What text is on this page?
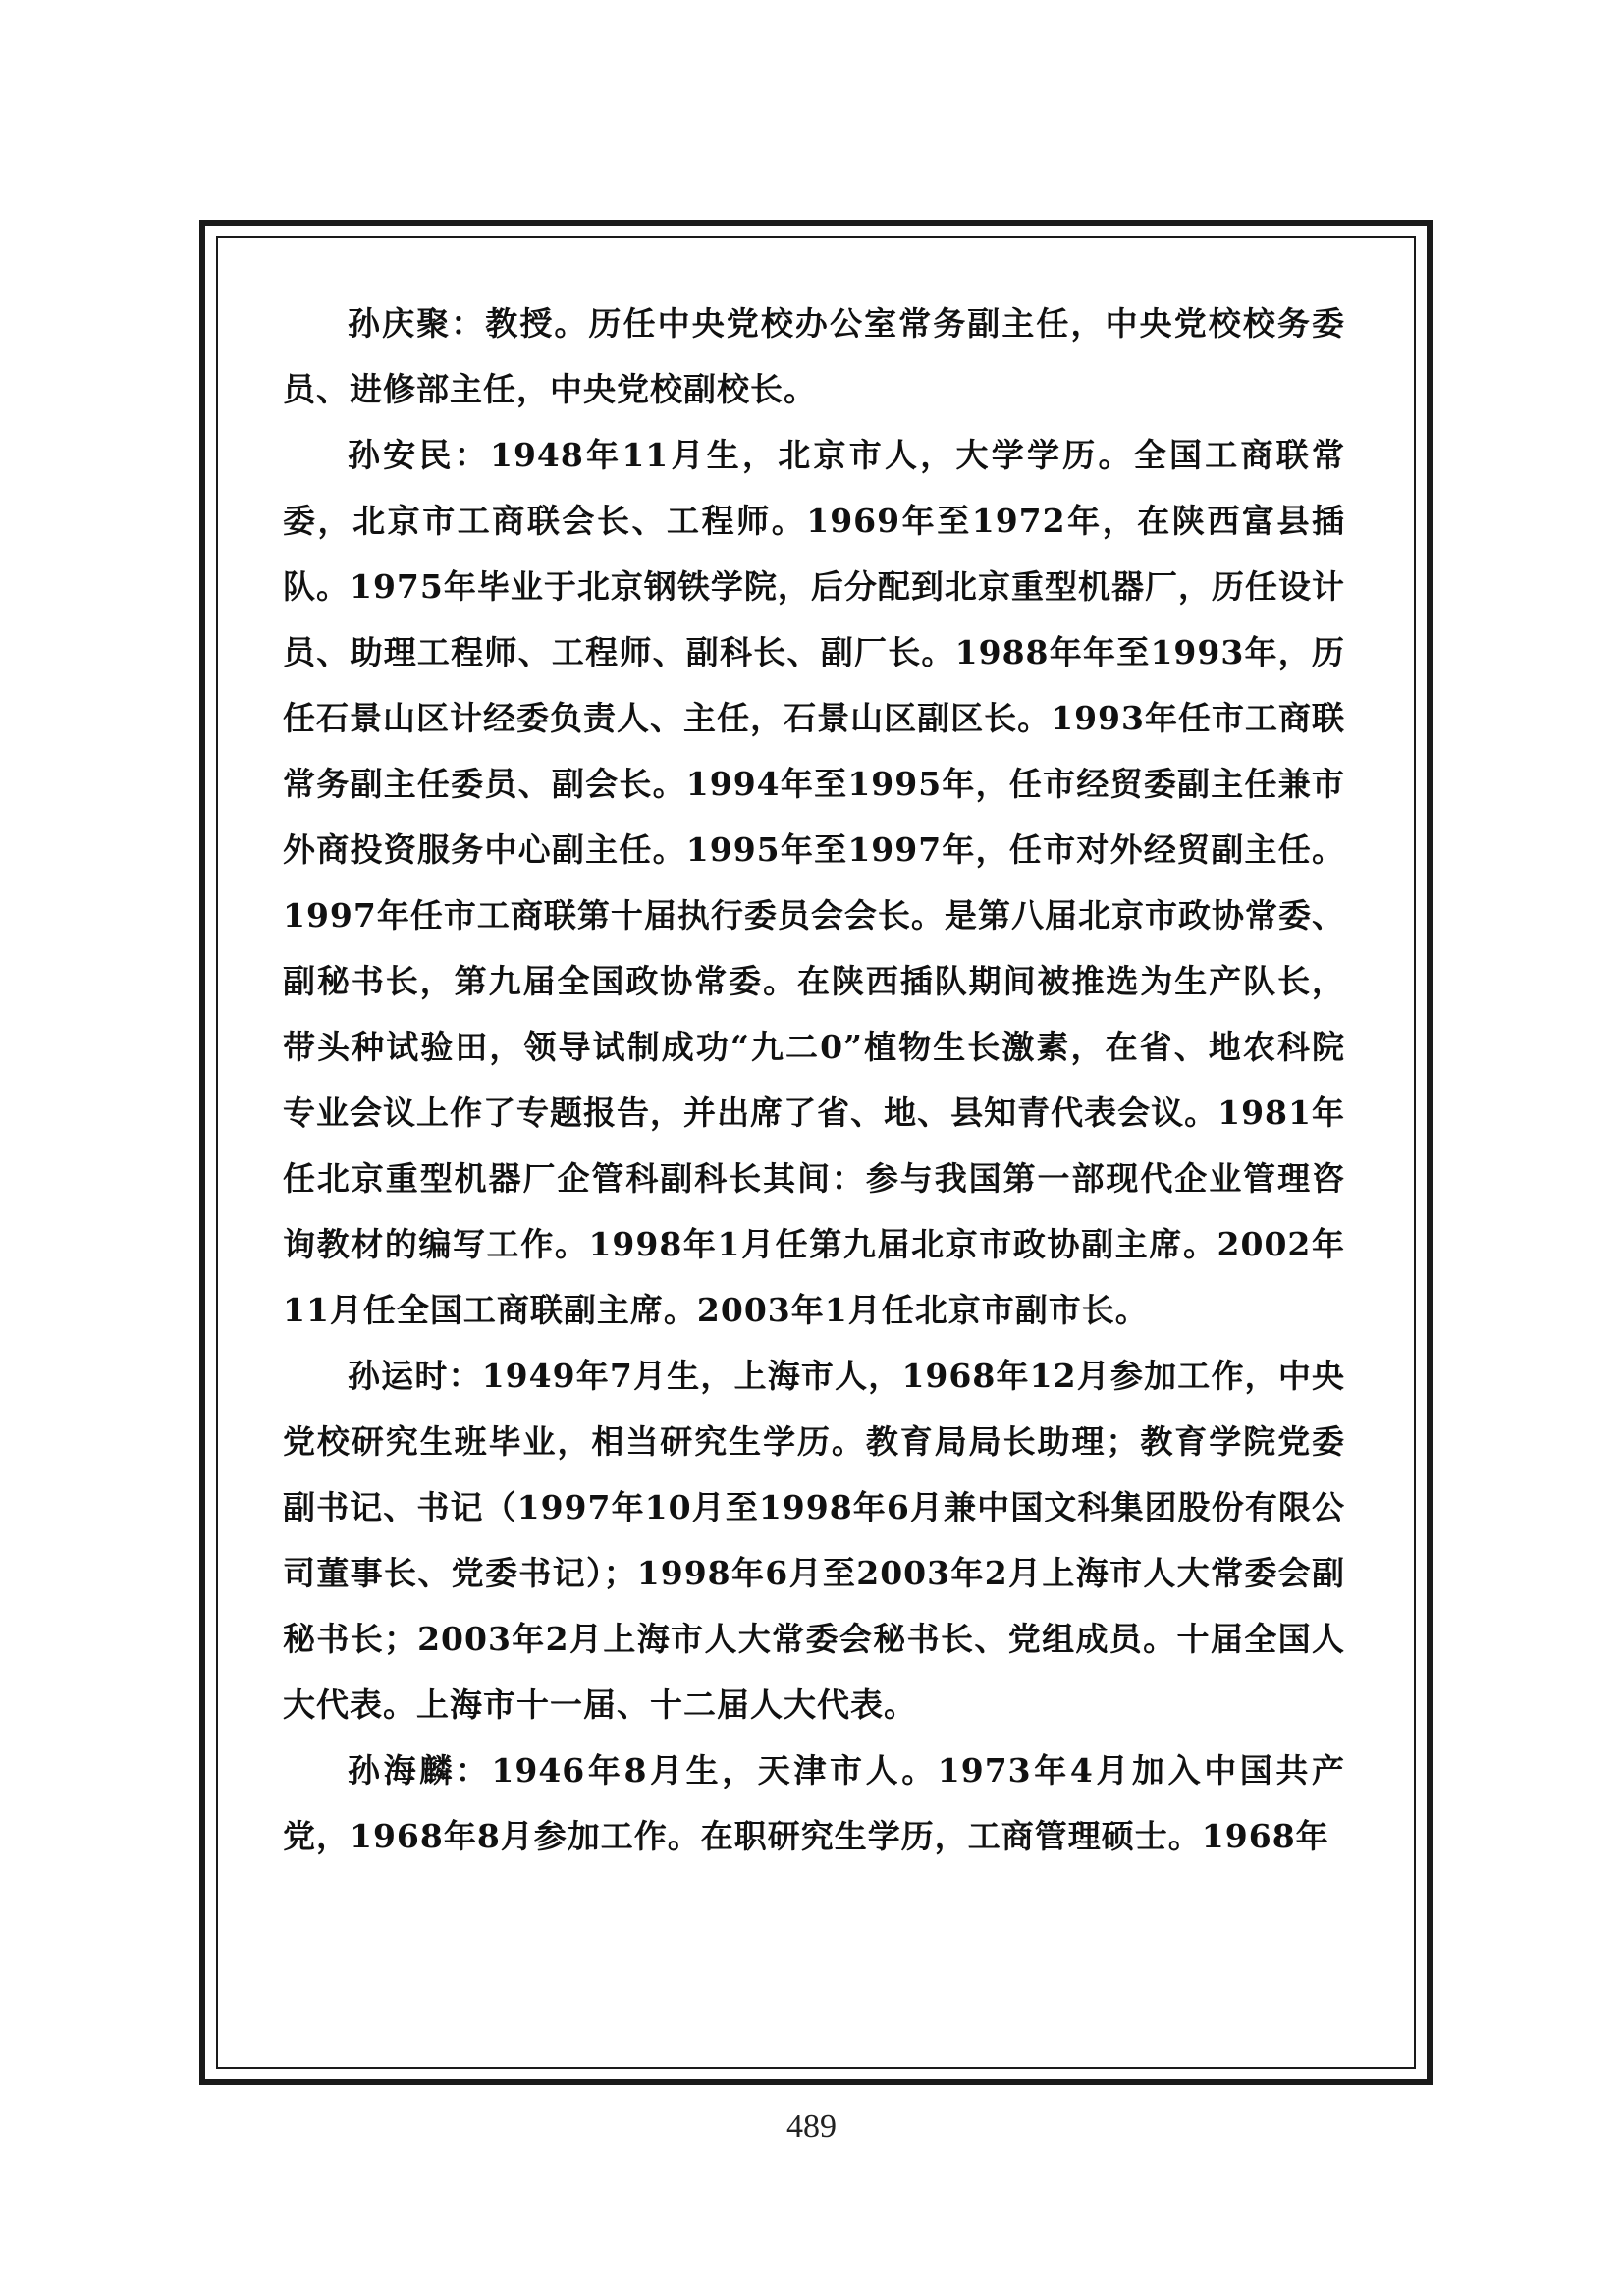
孙庆聚：教授。历任中央党校办公室常务副主任，中央党校校务委员、进修部主任，中央党校副校长。

孙安民：1948年11月生，北京市人，大学学历。全国工商联常委，北京市工商联会长、工程师。1969年至1972年，在陕西富县插队。1975年毕业于北京钢铁学院，后分配到北京重型机器厂，历任设计员、助理工程师、工程师、副科长、副厂长。1988年年至1993年，历任石景山区计经委负责人、主任，石景山区副区长。1993年任市工商联常务副主任委员、副会长。1994年至1995年，任市经贸委副主任兼市外商投资服务中心副主任。1995年至1997年，任市对外经贸副主任。1997年任市工商联第十届执行委员会会长。是第八届北京市政协常委、副秘书长，第九届全国政协常委。在陕西插队期间被推选为生产队长，带头种试验田，领导试制成功“九二0”植物生长激素，在省、地农科院专业会议上作了专题报告，并出席了省、地、县知青代表会议。1981年任北京重型机器厂企管科副科长其间：参与我国第一部现代企业管理咨询教材的编写工作。1998年1月任第九届北京市政协副主席。2002年11月任全国工商联副主席。2003年1月任北京市副市长。

孙运时：1949年7月生，上海市人，1968年12月参加工作，中央党校研究生班毕业，相当研究生学历。教育局局长助理；教育学院党委副书记、书记（1997年10月至1998年6月兼中国文科集团股份有限公司董事长、党委书记）；1998年6月至2003年2月上海市人大常委会副秘书长；2003年2月上海市人大常委会秘书长、党组成员。十届全国人大代表。上海市十一届、十二届人大代表。

孙海麟：1946年8月生，天津市人。1973年4月加入中国共产党，1968年8月参加工作。在职研究生学历，工商管理硕士。1968年

489
